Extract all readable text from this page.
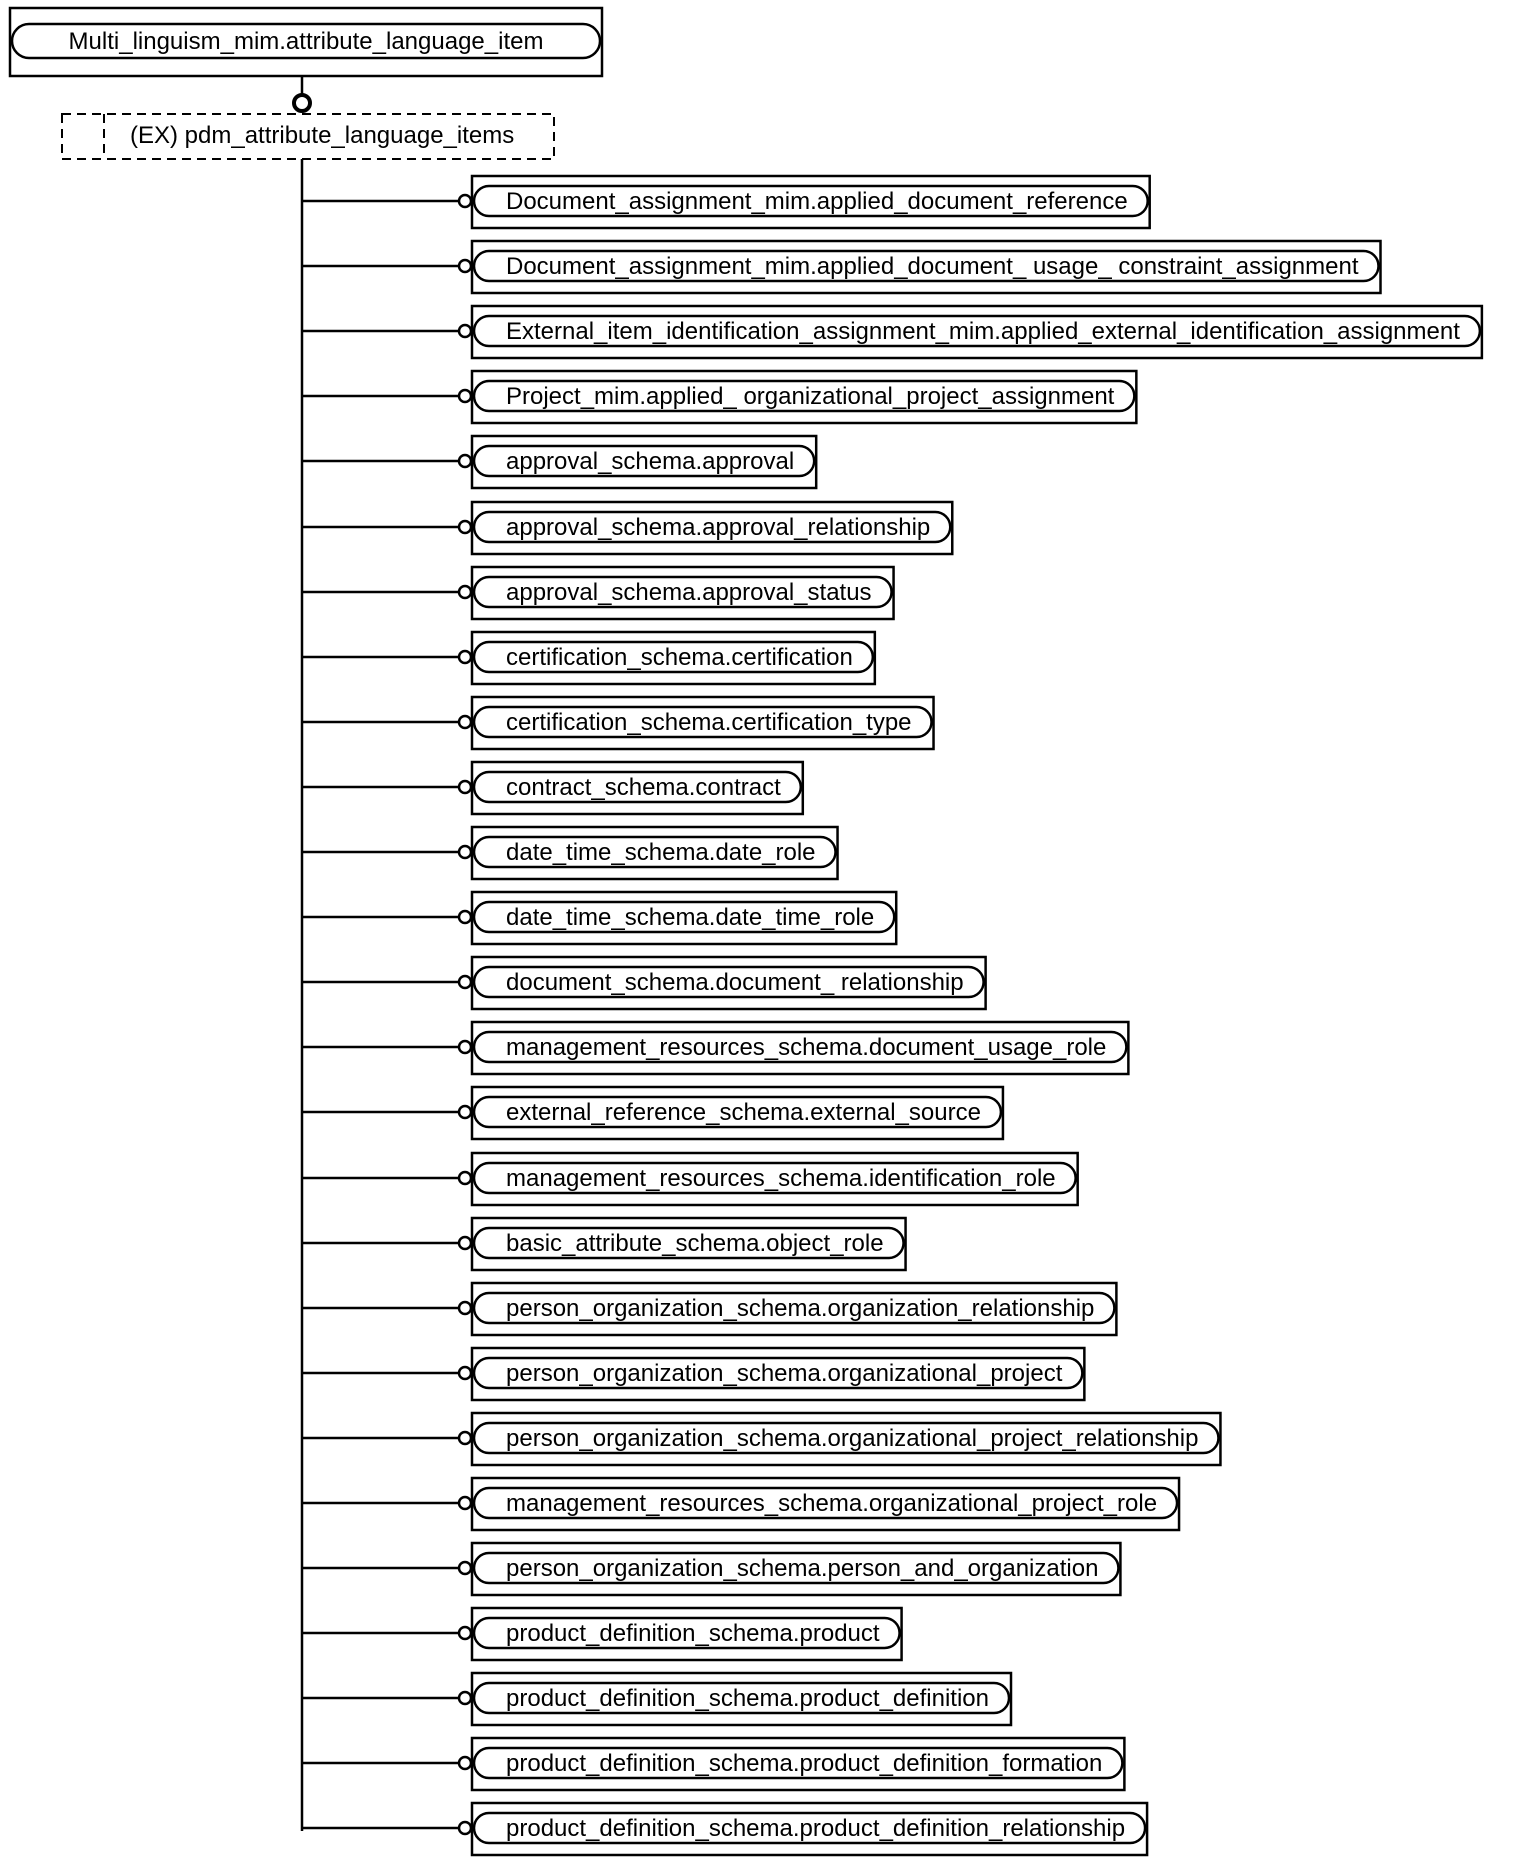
Multi_linguism_mim.attribute_language_item
(EX) pdm_attribute_language_items
Document_assignment_mim.applied_document_reference
Document_assignment_mim.applied_document_ usage_ constraint_assignment
External_item_identification_assignment_mim.applied_external_identification_assignment
Project_mim.applied_ organizational_project_assignment
approval_schema.approval
approval_schema.approval_relationship
approval_schema.approval_status
certification_schema.certification
certification_schema.certification_type
contract_schema.contract
date_time_schema.date_role
date_time_schema.date_time_role
document_schema.document_ relationship
management_resources_schema.document_usage_role
external_reference_schema.external_source
management_resources_schema.identification_role
basic_attribute_schema.object_role
person_organization_schema.organization_relationship
person_organization_schema.organizational_project
person_organization_schema.organizational_project_relationship
management_resources_schema.organizational_project_role
person_organization_schema.person_and_organization
product_definition_schema.product
product_definition_schema.product_definition
product_definition_schema.product_definition_formation
product_definition_schema.product_definition_relationship
